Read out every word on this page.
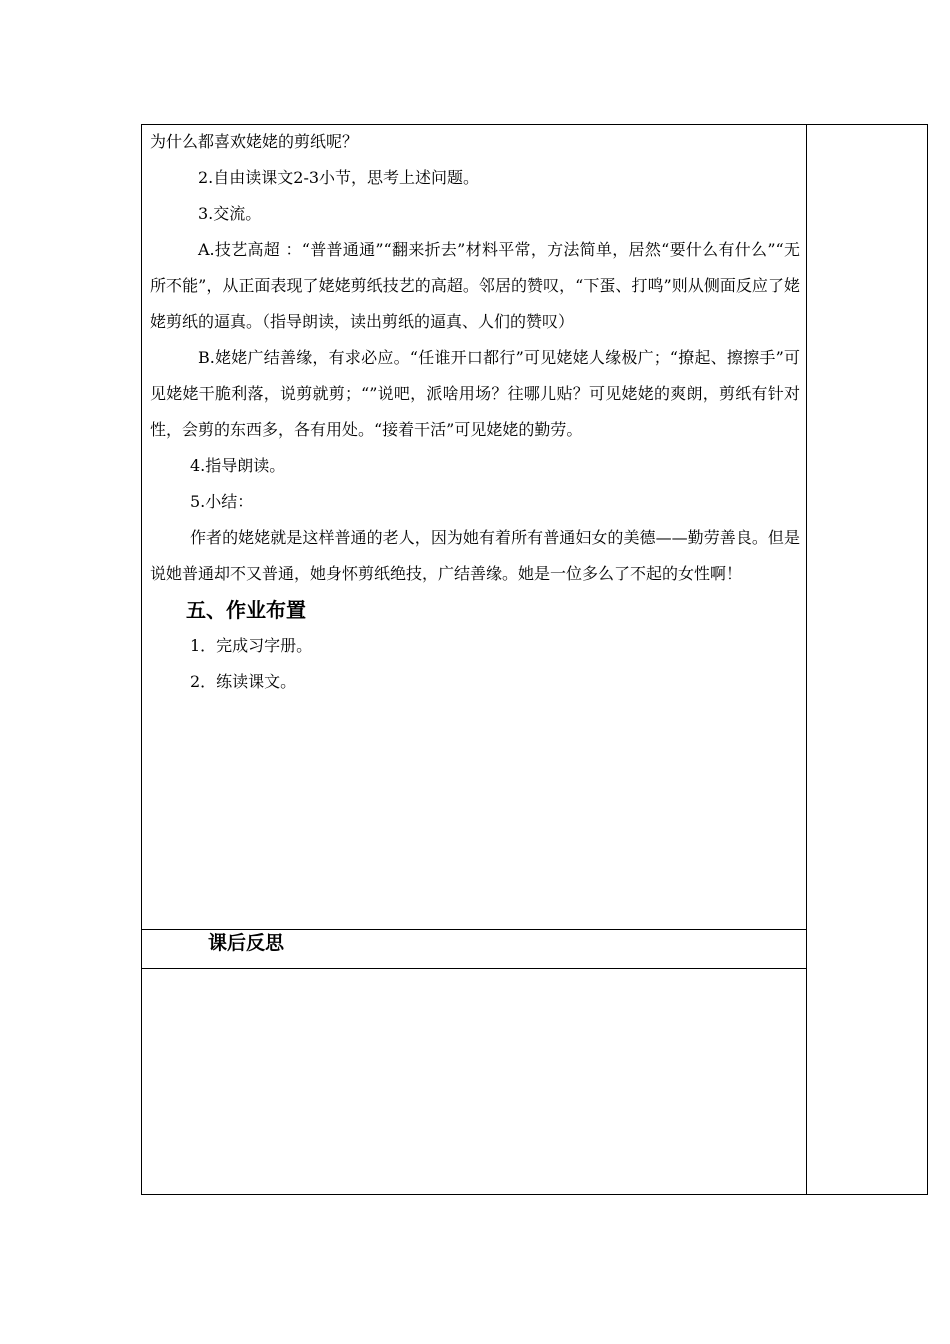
为什么都喜欢姥姥的剪纸呢？

2.自由读课文2-3小节，思考上述问题。

3.交流。

A.技艺高超 ：“普普通通”“翻来折去”材料平常，方法简单，居然“要什么有什么”“无所不能”，从正面表现了姥姥剪纸技艺的高超。邻居的赞叹，“下蛋、打鸣”则从侧面反应了姥姥剪纸的逼真。（指导朗读，读出剪纸的逼真、人们的赞叹）

B.姥姥广结善缘，有求必应。“任谁开口都行”可见姥姥人缘极广；“撩起、擦擦手”可见姥姥干脆利落，说剪就剪；“”说吧，派啥用场？往哪儿贴？可见姥姥的爽朗，剪纸有针对性，会剪的东西多，各有用处。“接着干活”可见姥姥的勤劳。

4.指导朗读。

5.小结：

作者的姥姥就是这样普通的老人，因为她有着所有普通妇女的美德——勤劳善良。但是说她普通却不又普通，她身怀剪纸绝技，广结善缘。她是一位多么了不起的女性啊！

五、作业布置

1．完成习字册。

2．练读课文。

课后反思
